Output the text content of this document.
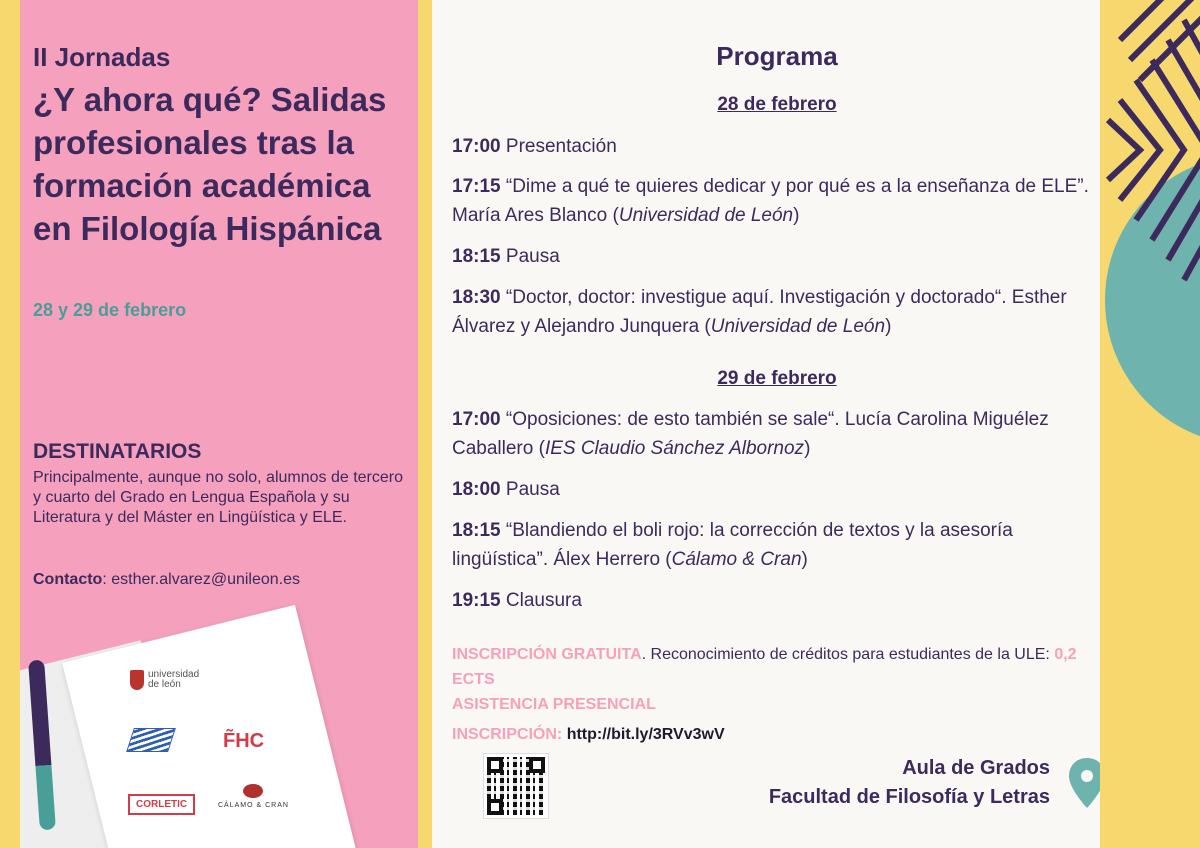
II Jornadas
¿Y ahora qué? Salidas profesionales tras la formación académica en Filología Hispánica
28 y 29 de febrero
DESTINATARIOS
Principalmente, aunque no solo, alumnos de tercero y cuarto del Grado en Lengua Española y su Literatura y del Máster en Lingüística y ELE.
Contacto: esther.alvarez@unileon.es
universidad de león
F̃HC
CORLETIC	CÁLAMO & CRAN
Programa
28 de febrero
17:00 Presentación
17:15 “Dime a qué te quieres dedicar y por qué es a la enseñanza de ELE”. María Ares Blanco (Universidad de León)
18:15 Pausa
18:30 “Doctor, doctor: investigue aquí. Investigación y doctorado“. Esther Álvarez y Alejandro Junquera (Universidad de León)
29 de febrero
17:00 “Oposiciones: de esto también se sale“. Lucía Carolina Miguélez Caballero (IES Claudio Sánchez Albornoz)
18:00 Pausa
18:15 “Blandiendo el boli rojo: la corrección de textos y la asesoría lingüística”. Álex Herrero (Cálamo & Cran)
19:15 Clausura
INSCRIPCIÓN GRATUITA. Reconocimiento de créditos para estudiantes de la ULE: 0,2 ECTS
ASISTENCIA PRESENCIAL
INSCRIPCIÓN: http://bit.ly/3RVv3wV
Aula de Grados
Facultad de Filosofía y Letras
